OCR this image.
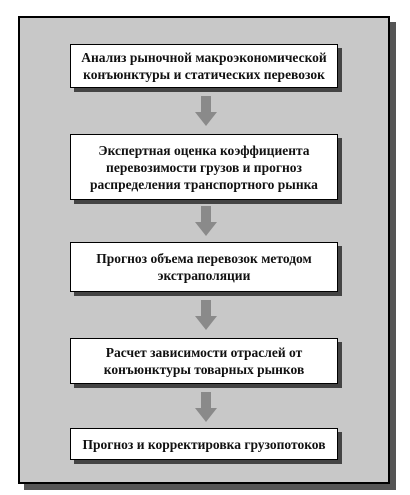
Анализ рыночной макроэкономической
конъюнктуры и статических перевозок
Экспертная оценка коэффициента
перевозимости грузов и прогноз
распределения транспортного рынка
Прогноз объема перевозок методом
экстраполяции
Расчет зависимости отраслей от
конъюнктуры товарных рынков
Прогноз и корректировка грузопотоков
